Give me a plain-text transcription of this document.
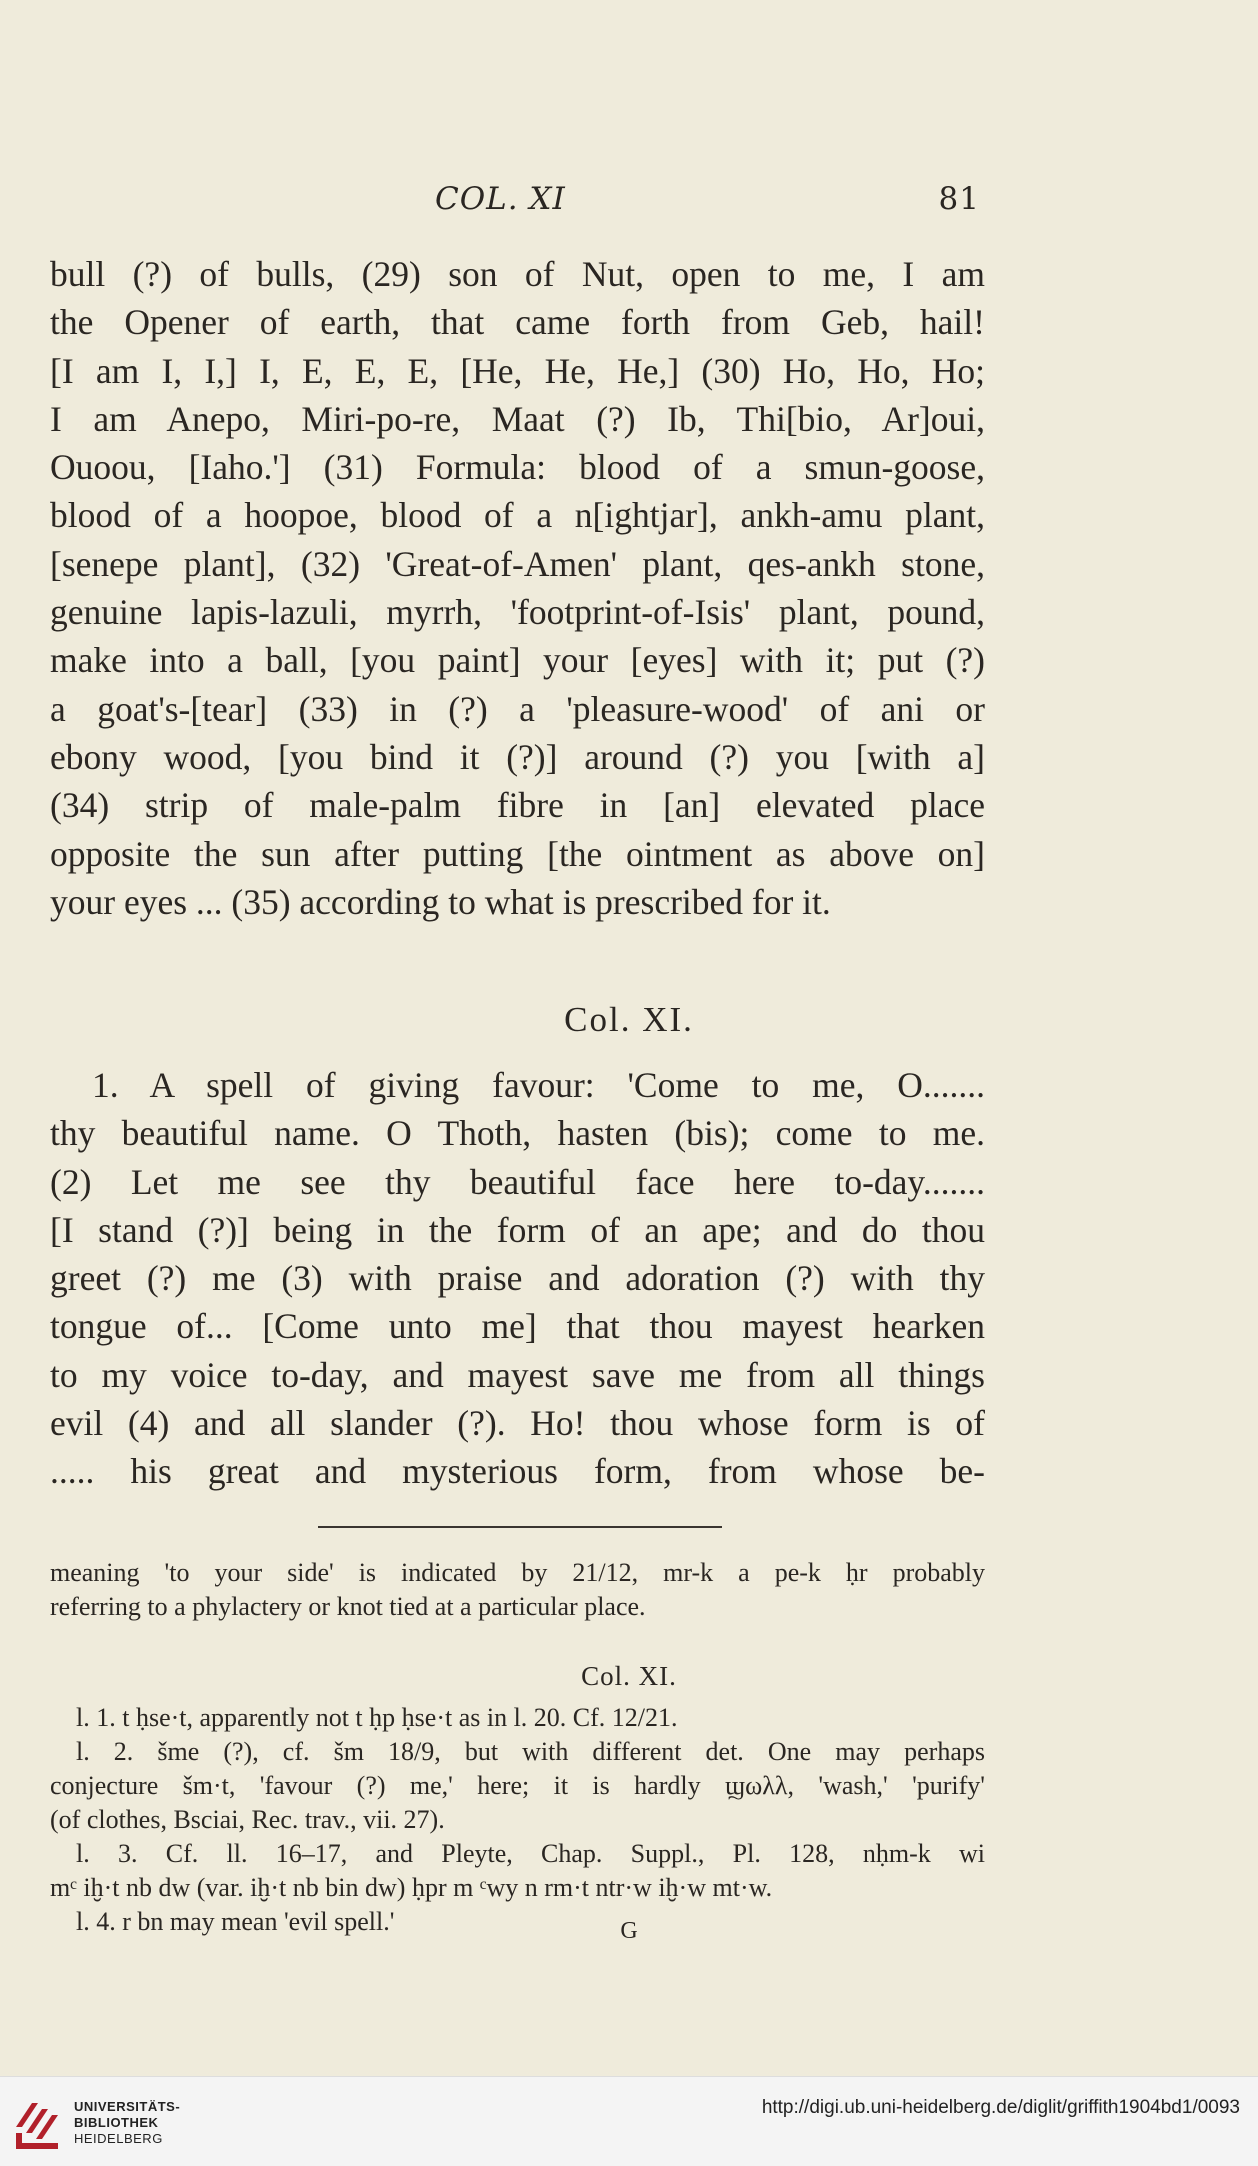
COL. XI	81
bull (?) of bulls, (29) son of Nut, open to me, I am
the Opener of earth, that came forth from Geb, hail!
[I am I, I,] I, E, E, E, [He, He, He,] (30) Ho, Ho, Ho;
I am Anepo, Miri-po-re, Maat (?) Ib, Thi[bio, Ar]oui,
Ouoou, [Iaho.'] (31) Formula: blood of a smun-goose,
blood of a hoopoe, blood of a n[ightjar], ankh-amu plant,
[senepe plant], (32) 'Great-of-Amen' plant, qes-ankh stone,
genuine lapis-lazuli, myrrh, 'footprint-of-Isis' plant, pound,
make into a ball, [you paint] your [eyes] with it; put (?)
a goat's-[tear] (33) in (?) a 'pleasure-wood' of ani or
ebony wood, [you bind it (?)] around (?) you [with a]
(34) strip of male-palm fibre in [an] elevated place
opposite the sun after putting [the ointment as above on]
your eyes ... (35) according to what is prescribed for it.
Col. XI.
1. A spell of giving favour: 'Come to me, O.......
thy beautiful name. O Thoth, hasten (bis); come to me.
(2) Let me see thy beautiful face here to-day.......
[I stand (?)] being in the form of an ape; and do thou
greet (?) me (3) with praise and adoration (?) with thy
tongue of... [Come unto me] that thou mayest hearken
to my voice to-day, and mayest save me from all things
evil (4) and all slander (?). Ho! thou whose form is of
..... his great and mysterious form, from whose be-
meaning 'to your side' is indicated by 21/12, mr-k a pe-k ḥr probably
referring to a phylactery or knot tied at a particular place.
Col. XI.
l. 1. t ḥse·t, apparently not t ḥp ḥse·t as in l. 20. Cf. 12/21.
l. 2. šme (?), cf. šm 18/9, but with different det. One may perhaps
conjecture šm·t, 'favour (?) me,' here; it is hardly ϣωλλ, 'wash,' 'purify'
(of clothes, Bsciai, Rec. trav., vii. 27).
l. 3. Cf. ll. 16–17, and Pleyte, Chap. Suppl., Pl. 128, nḥm-k wi
mᶜ iḫ·t nb dw (var. iḫ·t nb bin dw) ḥpr m ᶜwy n rm·t ntr·w iḫ·w mt·w.
l. 4. r bn may mean 'evil spell.'	G
UNIVERSITÄTS-
BIBLIOTHEK
HEIDELBERG
http://digi.ub.uni-heidelberg.de/diglit/griffith1904bd1/0093
